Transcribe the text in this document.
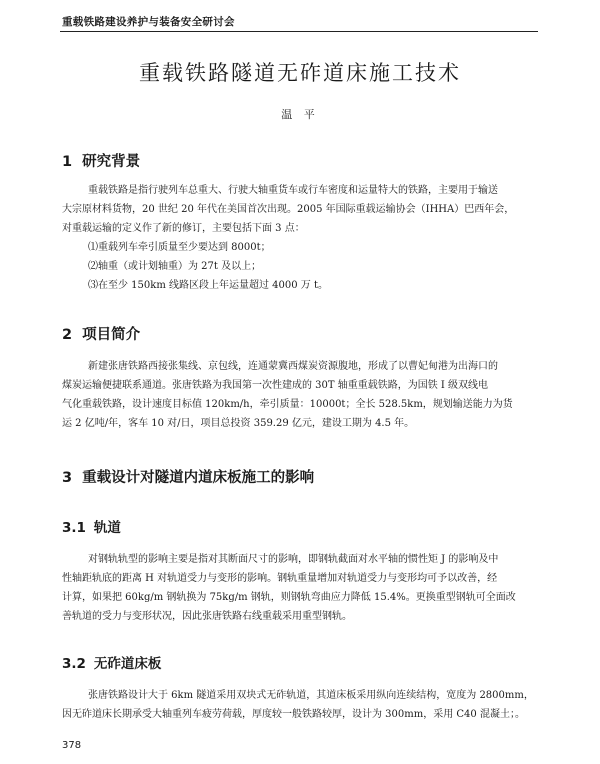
重载铁路建设养护与装备安全研讨会
重载铁路隧道无砟道床施工技术
温 平
1 研究背景
重载铁路是指行驶列车总重大、行驶大轴重货车或行车密度和运量特大的铁路，主要用于输送
大宗原材料货物，20 世纪 20 年代在美国首次出现。2005 年国际重载运输协会（IHHA）巴西年会，
对重载运输的定义作了新的修订，主要包括下面 3 点：
⑴重载列车牵引质量至少要达到 8000t；
⑵轴重（或计划轴重）为 27t 及以上；
⑶在至少 150km 线路区段上年运量超过 4000 万 t。
2 项目简介
新建张唐铁路西接张集线、京包线，连通蒙冀西煤炭资源腹地，形成了以曹妃甸港为出海口的
煤炭运输便捷联系通道。张唐铁路为我国第一次性建成的 30T 轴重重载铁路，为国铁 I 级双线电
气化重载铁路，设计速度目标值 120km/h，牵引质量：10000t；全长 528.5km，规划输送能力为货
运 2 亿吨/年，客车 10 对/日，项目总投资 359.29 亿元，建设工期为 4.5 年。
3 重载设计对隧道内道床板施工的影响
3.1 轨道
对钢轨轨型的影响主要是指对其断面尺寸的影响，即钢轨截面对水平轴的惯性矩 J 的影响及中
性轴距轨底的距离 H 对轨道受力与变形的影响。钢轨重量增加对轨道受力与变形均可予以改善，经
计算，如果把 60kg/m 钢轨换为 75kg/m 钢轨，则钢轨弯曲应力降低 15.4%。更换重型钢轨可全面改
善轨道的受力与变形状况，因此张唐铁路右线重载采用重型钢轨。
3.2 无砟道床板
张唐铁路设计大于 6km 隧道采用双块式无砟轨道，其道床板采用纵向连续结构，宽度为 2800mm，
因无砟道床长期承受大轴重列车疲劳荷载，厚度较一般铁路较厚，设计为 300mm，采用 C40 混凝土；。
378
